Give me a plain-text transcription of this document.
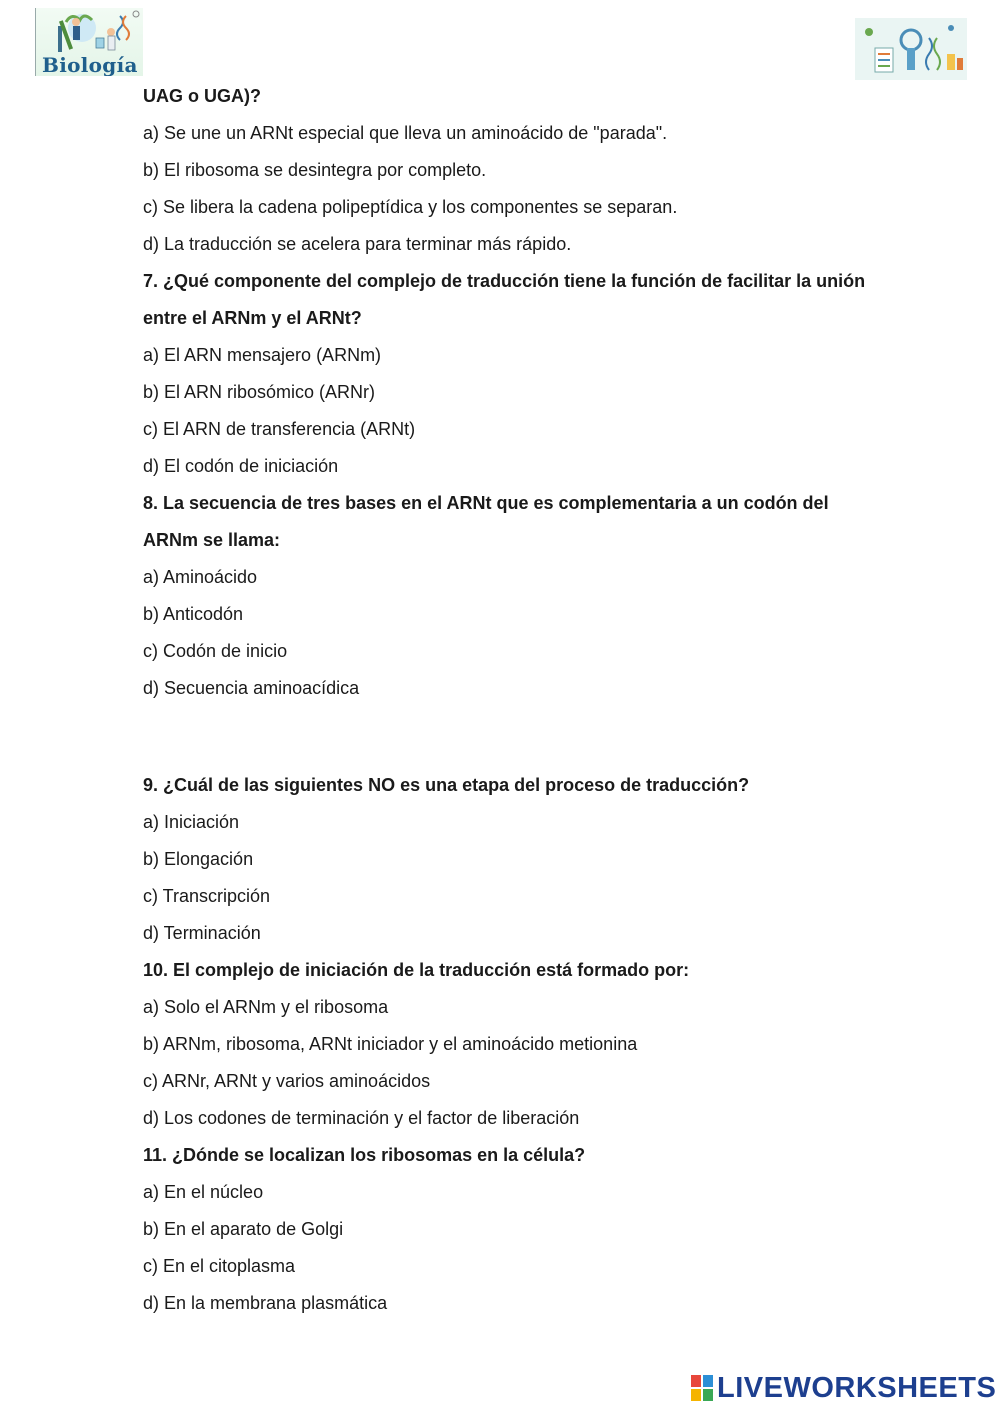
Biología
UAG o UGA)?
a) Se une un ARNt especial que lleva un aminoácido de "parada".
b) El ribosoma se desintegra por completo.
c) Se libera la cadena polipeptídica y los componentes se separan.
d) La traducción se acelera para terminar más rápido.
7. ¿Qué componente del complejo de traducción tiene la función de facilitar la unión
entre el ARNm y el ARNt?
a) El ARN mensajero (ARNm)
b) El ARN ribosómico (ARNr)
c) El ARN de transferencia (ARNt)
d) El codón de iniciación
8. La secuencia de tres bases en el ARNt que es complementaria a un codón del
ARNm se llama:
a) Aminoácido
b) Anticodón
c) Codón de inicio
d) Secuencia aminoacídica
9. ¿Cuál de las siguientes NO es una etapa del proceso de traducción?
a) Iniciación
b) Elongación
c) Transcripción
d) Terminación
10. El complejo de iniciación de la traducción está formado por:
a) Solo el ARNm y el ribosoma
b) ARNm, ribosoma, ARNt iniciador y el aminoácido metionina
c) ARNr, ARNt y varios aminoácidos
d) Los codones de terminación y el factor de liberación
11. ¿Dónde se localizan los ribosomas en la célula?
a) En el núcleo
b) En el aparato de Golgi
c) En el citoplasma
d) En la membrana plasmática
LIVEWORKSHEETS
